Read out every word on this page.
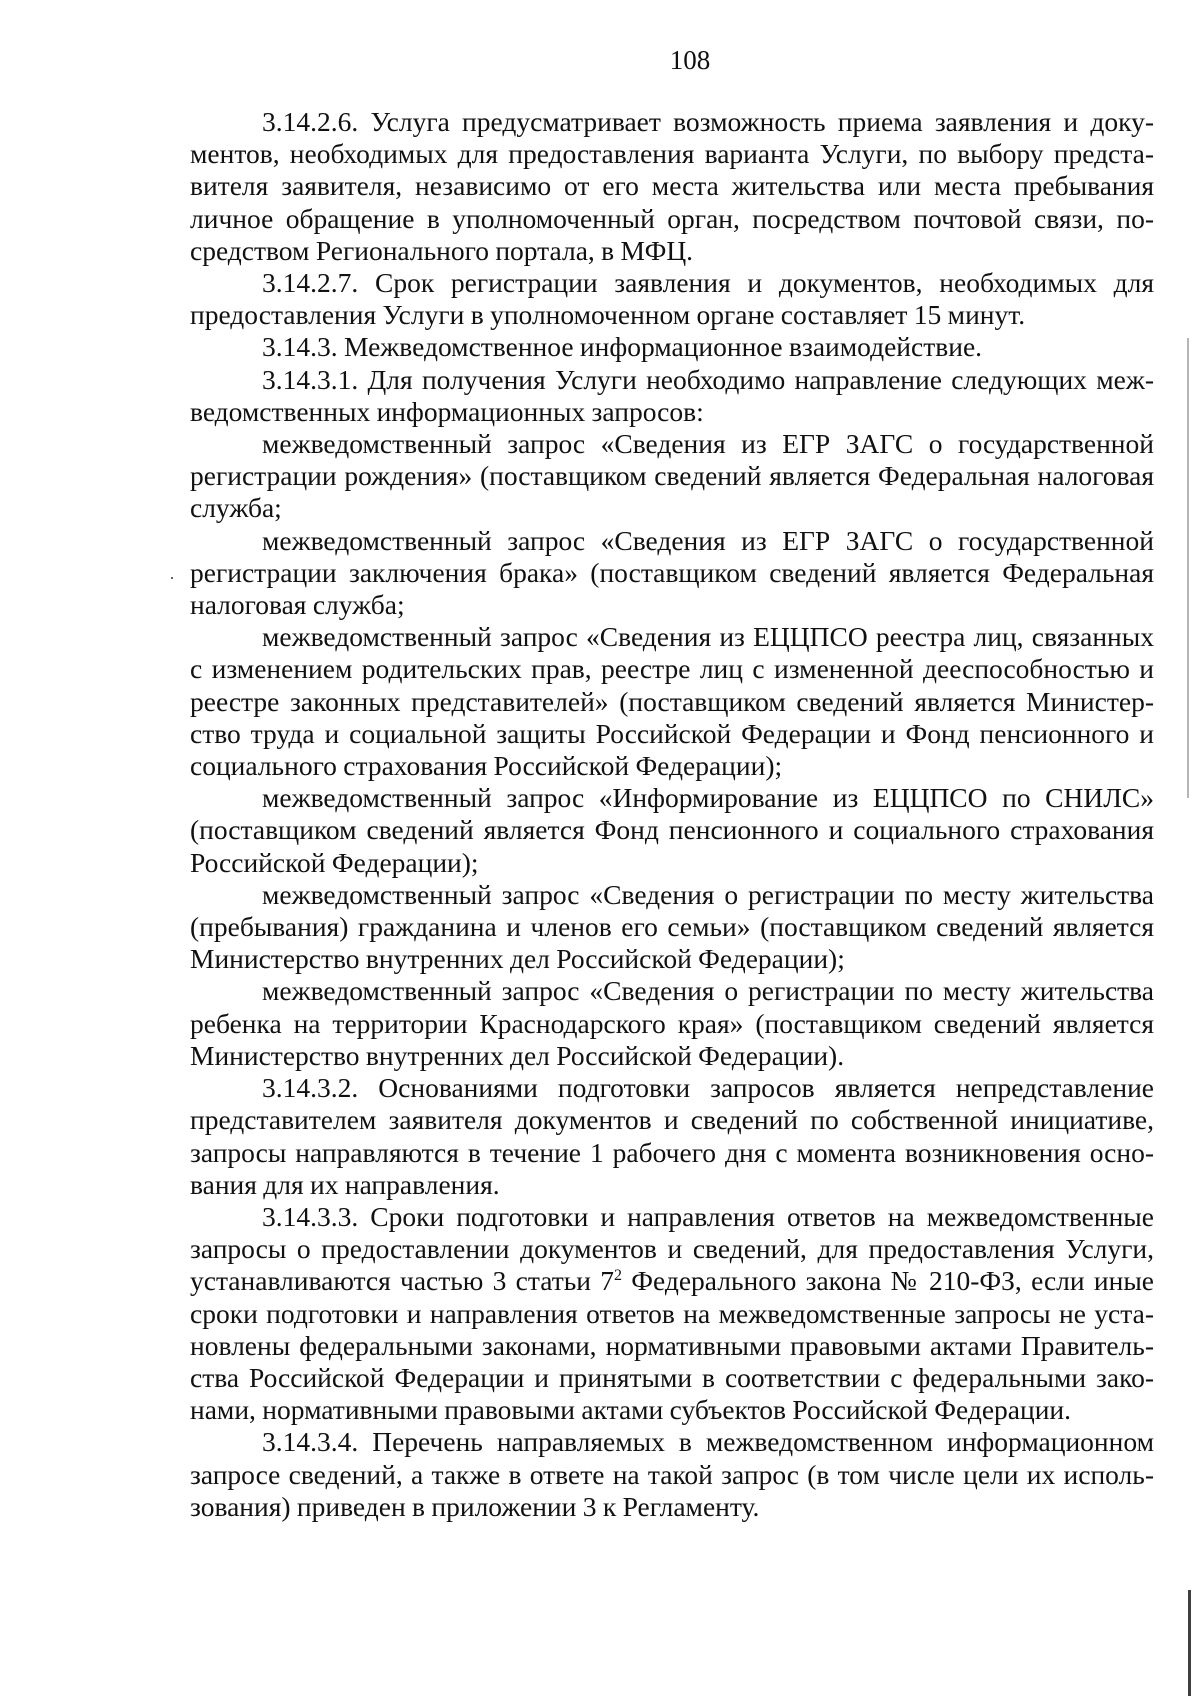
108

3.14.2.6. Услуга предусматривает возможность приема заявления и документов, необходимых для предоставления варианта Услуги, по выбору представителя заявителя, независимо от его места жительства или места пребывания личное обращение в уполномоченный орган, посредством почтовой связи, посредством Регионального портала, в МФЦ.

3.14.2.7. Срок регистрации заявления и документов, необходимых для предоставления Услуги в уполномоченном органе составляет 15 минут.

3.14.3. Межведомственное информационное взаимодействие.

3.14.3.1. Для получения Услуги необходимо направление следующих межведомственных информационных запросов:

межведомственный запрос «Сведения из ЕГР ЗАГС о государственной регистрации рождения» (поставщиком сведений является Федеральная налоговая служба;

межведомственный запрос «Сведения из ЕГР ЗАГС о государственной регистрации заключения брака» (поставщиком сведений является Федеральная налоговая служба;

межведомственный запрос «Сведения из ЕЦЦПСО реестра лиц, связанных с изменением родительских прав, реестре лиц с измененной дееспособностью и реестре законных представителей» (поставщиком сведений является Министерство труда и социальной защиты Российской Федерации и Фонд пенсионного и социального страхования Российской Федерации);

межведомственный запрос «Информирование из ЕЦЦПСО по СНИЛС» (поставщиком сведений является Фонд пенсионного и социального страхования Российской Федерации);

межведомственный запрос «Сведения о регистрации по месту жительства (пребывания) гражданина и членов его семьи» (поставщиком сведений является Министерство внутренних дел Российской Федерации);

межведомственный запрос «Сведения о регистрации по месту жительства ребенка на территории Краснодарского края» (поставщиком сведений является Министерство внутренних дел Российской Федерации).

3.14.3.2. Основаниями подготовки запросов является непредставление представителем заявителя документов и сведений по собственной инициативе, запросы направляются в течение 1 рабочего дня с момента возникновения основания для их направления.

3.14.3.3. Сроки подготовки и направления ответов на межведомственные запросы о предоставлении документов и сведений, для предоставления Услуги, устанавливаются частью 3 статьи $7^2$ Федерального закона № 210-ФЗ, если иные сроки подготовки и направления ответов на межведомственные запросы не установлены федеральными законами, нормативными правовыми актами Правительства Российской Федерации и принятыми в соответствии с федеральными законами, нормативными правовыми актами субъектов Российской Федерации.

3.14.3.4. Перечень направляемых в межведомственном информационном запросе сведений, а также в ответе на такой запрос (в том числе цели их использования) приведен в приложении 3 к Регламенту.
